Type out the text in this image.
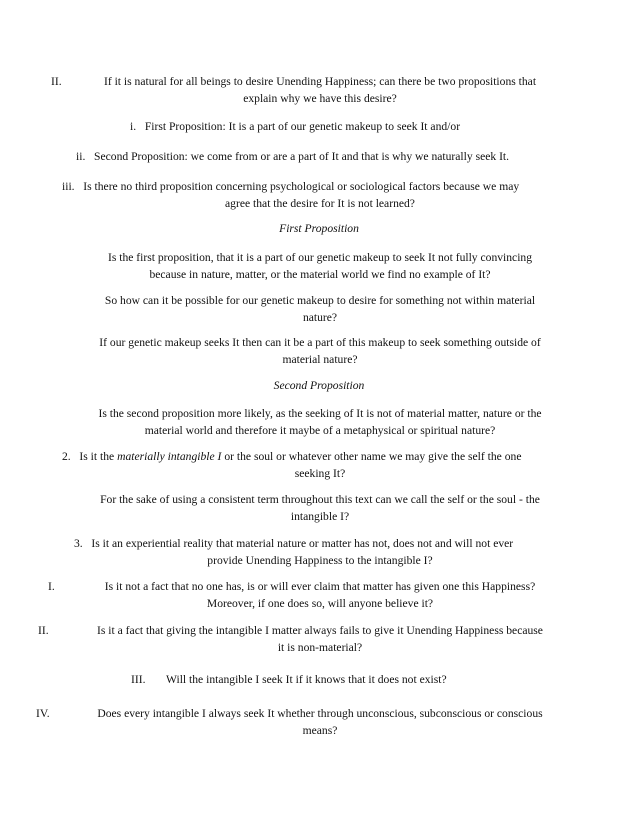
II.	If it is natural for all beings to desire Unending Happiness; can there be two propositions that
explain why we have this desire?
i. First Proposition: It is a part of our genetic makeup to seek It and/or
ii. Second Proposition: we come from or are a part of It and that is why we naturally seek It.
iii. Is there no third proposition concerning psychological or sociological factors because we may
agree that the desire for It is not learned?
First Proposition
Is the first proposition, that it is a part of our genetic makeup to seek It not fully convincing
because in nature, matter, or the material world we find no example of It?
So how can it be possible for our genetic makeup to desire for something not within material
nature?
If our genetic makeup seeks It then can it be a part of this makeup to seek something outside of
material nature?
Second Proposition
Is the second proposition more likely, as the seeking of It is not of material matter, nature or the
material world and therefore it maybe of a metaphysical or spiritual nature?
2. Is it the materially intangible I or the soul or whatever other name we may give the self the one
seeking It?
For the sake of using a consistent term throughout this text can we call the self or the soul - the
intangible I?
3. Is it an experiential reality that material nature or matter has not, does not and will not ever
provide Unending Happiness to the intangible I?
I.	Is it not a fact that no one has, is or will ever claim that matter has given one this Happiness?
Moreover, if one does so, will anyone believe it?
II.	Is it a fact that giving the intangible I matter always fails to give it Unending Happiness because
it is non-material?
III. Will the intangible I seek It if it knows that it does not exist?
IV.	Does every intangible I always seek It whether through unconscious, subconscious or conscious
means?
